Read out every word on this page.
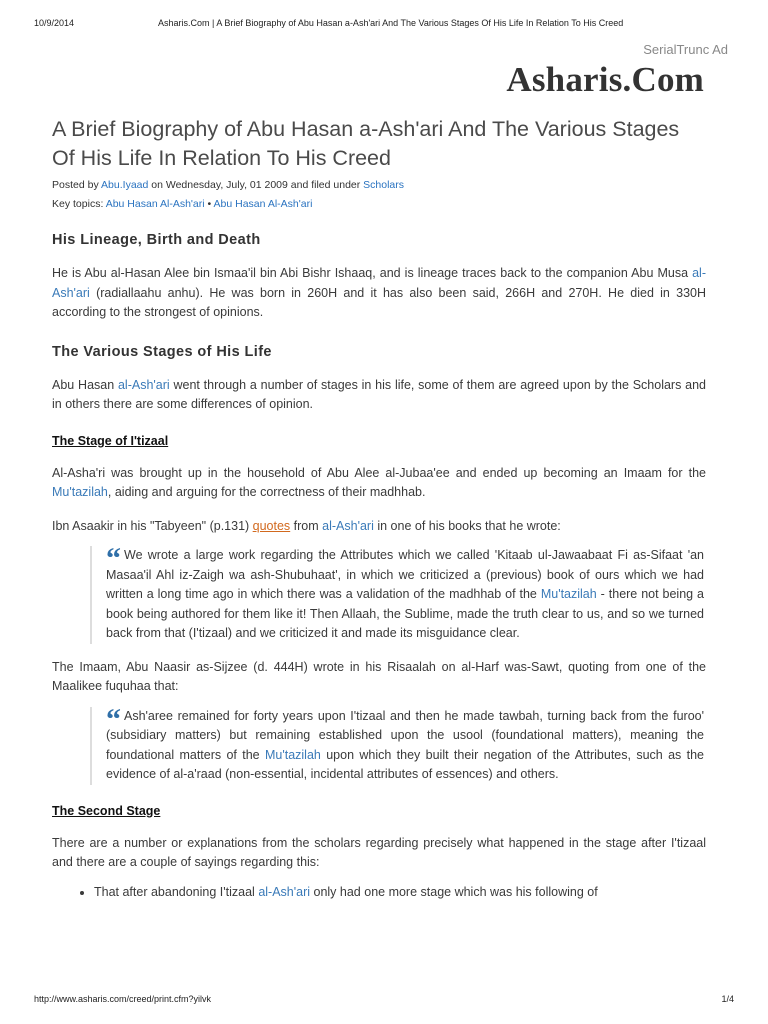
10/9/2014	Asharis.Com | A Brief Biography of Abu Hasan a-Ash'ari And The Various Stages Of His Life In Relation To His Creed
SerialTrunc Ad
Asharis.Com
A Brief Biography of Abu Hasan a-Ash'ari And The Various Stages Of His Life In Relation To His Creed
Posted by Abu.Iyaad on Wednesday, July, 01 2009 and filed under Scholars
Key topics: Abu Hasan Al-Ash'ari • Abu Hasan Al-Ash'ari
His Lineage, Birth and Death

He is Abu al-Hasan Alee bin Ismaa'il bin Abi Bishr Ishaaq, and is lineage traces back to the companion Abu Musa al-Ash'ari (radiallaahu anhu). He was born in 260H and it has also been said, 266H and 270H. He died in 330H according to the strongest of opinions.

The Various Stages of His Life

Abu Hasan al-Ash'ari went through a number of stages in his life, some of them are agreed upon by the Scholars and in others there are some differences of opinion.

The Stage of I'tizaal

Al-Asha'ri was brought up in the household of Abu Alee al-Jubaa'ee and ended up becoming an Imaam for the Mu'tazilah, aiding and arguing for the correctness of their madhhab.

Ibn Asaakir in his "Tabyeen" (p.131) quotes from al-Ash'ari in one of his books that he wrote:

“ We wrote a large work regarding the Attributes which we called 'Kitaab ul-Jawaabaat Fi as-Sifaat 'an Masaa'il Ahl iz-Zaigh wa ash-Shubuhaat', in which we criticized a (previous) book of ours which we had written a long time ago in which there was a validation of the madhhab of the Mu'tazilah - there not being a book being authored for them like it! Then Allaah, the Sublime, made the truth clear to us, and so we turned back from that (I'tizaal) and we criticized it and made its misguidance clear.

The Imaam, Abu Naasir as-Sijzee (d. 444H) wrote in his Risaalah on al-Harf was-Sawt, quoting from one of the Maalikee fuquhaa that:

“ Ash'aree remained for forty years upon I'tizaal and then he made tawbah, turning back from the furoo' (subsidiary matters) but remaining established upon the usool (foundational matters), meaning the foundational matters of the Mu'tazilah upon which they built their negation of the Attributes, such as the evidence of al-a'raad (non-essential, incidental attributes of essences) and others.
The Second Stage

There are a number or explanations from the scholars regarding precisely what happened in the stage after I'tizaal and there are a couple of sayings regarding this:

• That after abandoning I'tizaal al-Ash'ari only had one more stage which was his following of
http://www.asharis.com/creed/print.cfm?yilvk	1/4
